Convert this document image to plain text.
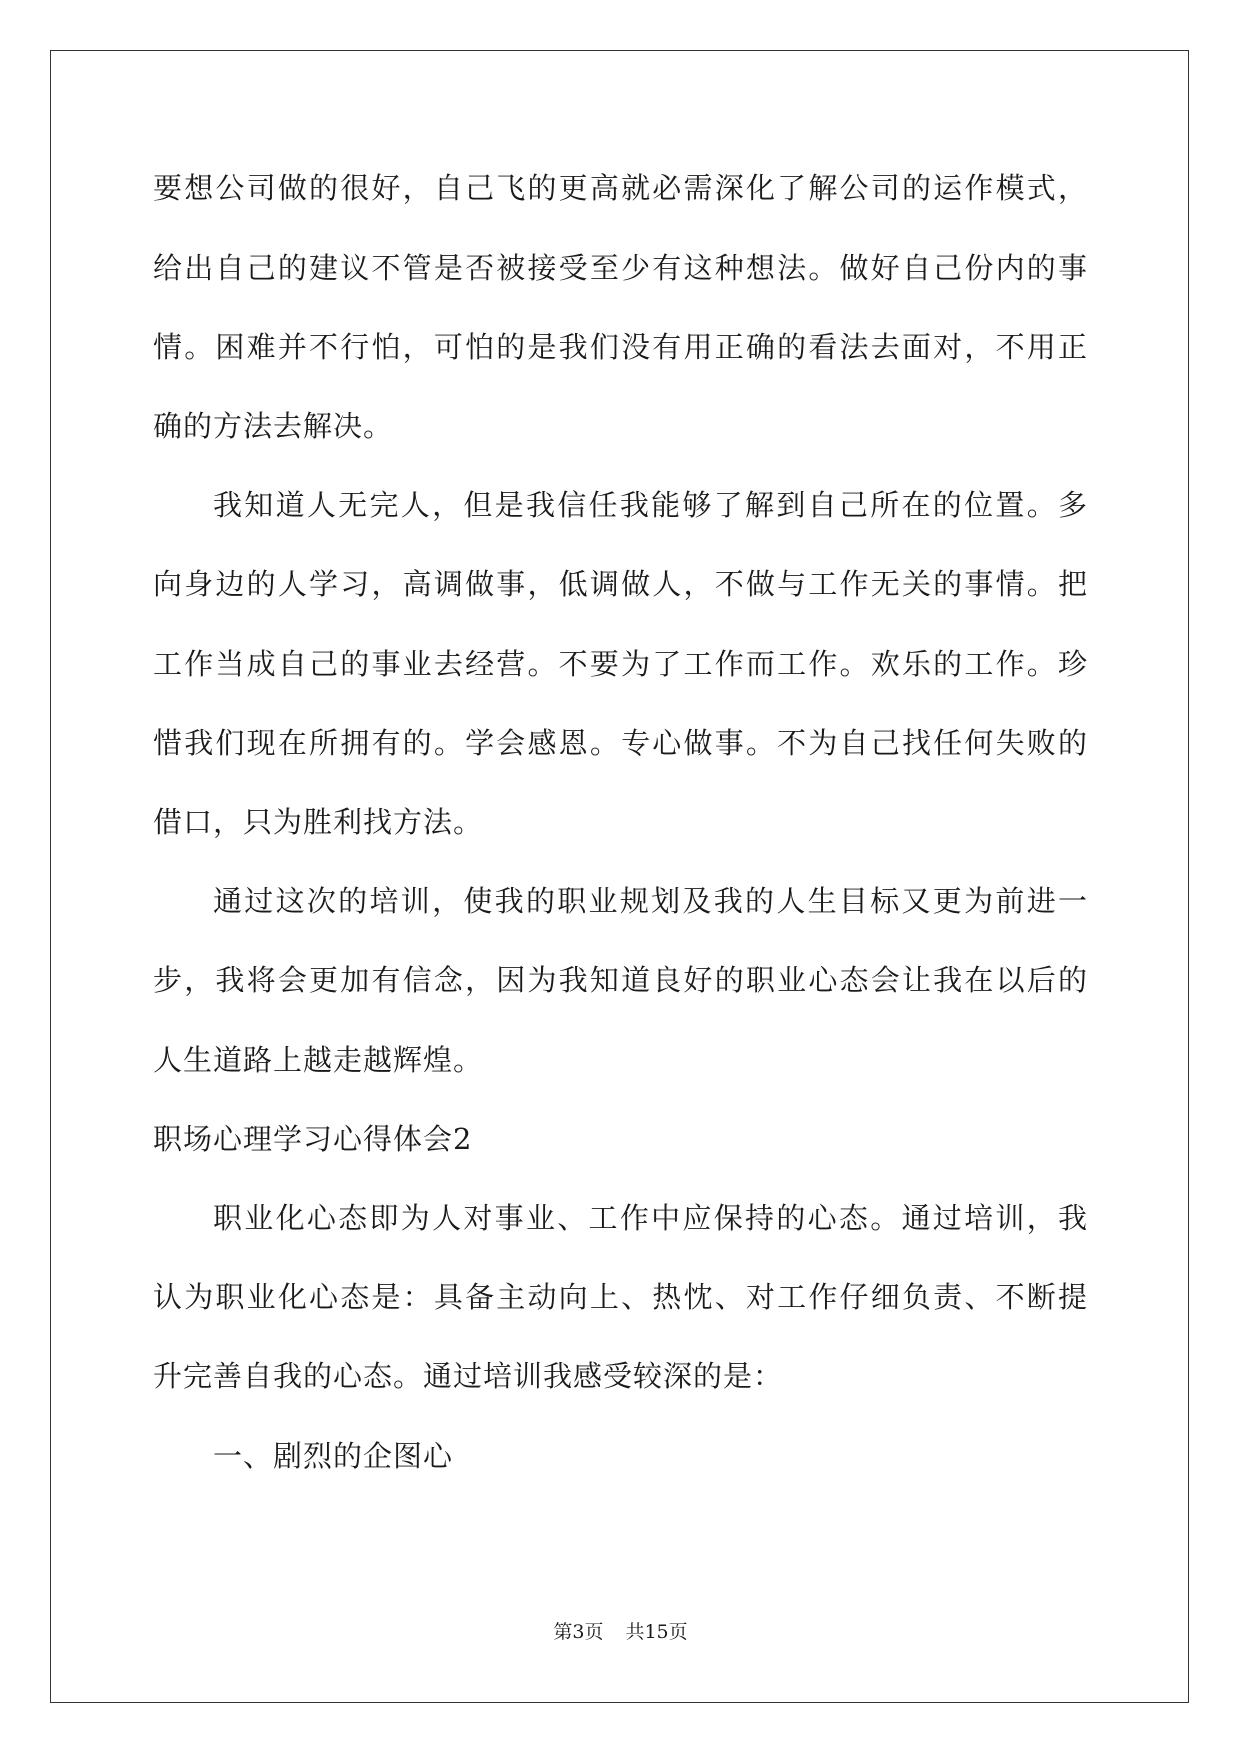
要想公司做的很好，自己飞的更高就必需深化了解公司的运作模式，
给出自己的建议不管是否被接受至少有这种想法。做好自己份内的事
情。困难并不行怕，可怕的是我们没有用正确的看法去面对，不用正
确的方法去解决。
我知道人无完人，但是我信任我能够了解到自己所在的位置。多
向身边的人学习，高调做事，低调做人，不做与工作无关的事情。把
工作当成自己的事业去经营。不要为了工作而工作。欢乐的工作。珍
惜我们现在所拥有的。学会感恩。专心做事。不为自己找任何失败的
借口，只为胜利找方法。
通过这次的培训，使我的职业规划及我的人生目标又更为前进一
步，我将会更加有信念，因为我知道良好的职业心态会让我在以后的
人生道路上越走越辉煌。
职场心理学习心得体会2
职业化心态即为人对事业、工作中应保持的心态。通过培训，我
认为职业化心态是：具备主动向上、热忱、对工作仔细负责、不断提
升完善自我的心态。通过培训我感受较深的是：
一、剧烈的企图心
第3页 共15页
